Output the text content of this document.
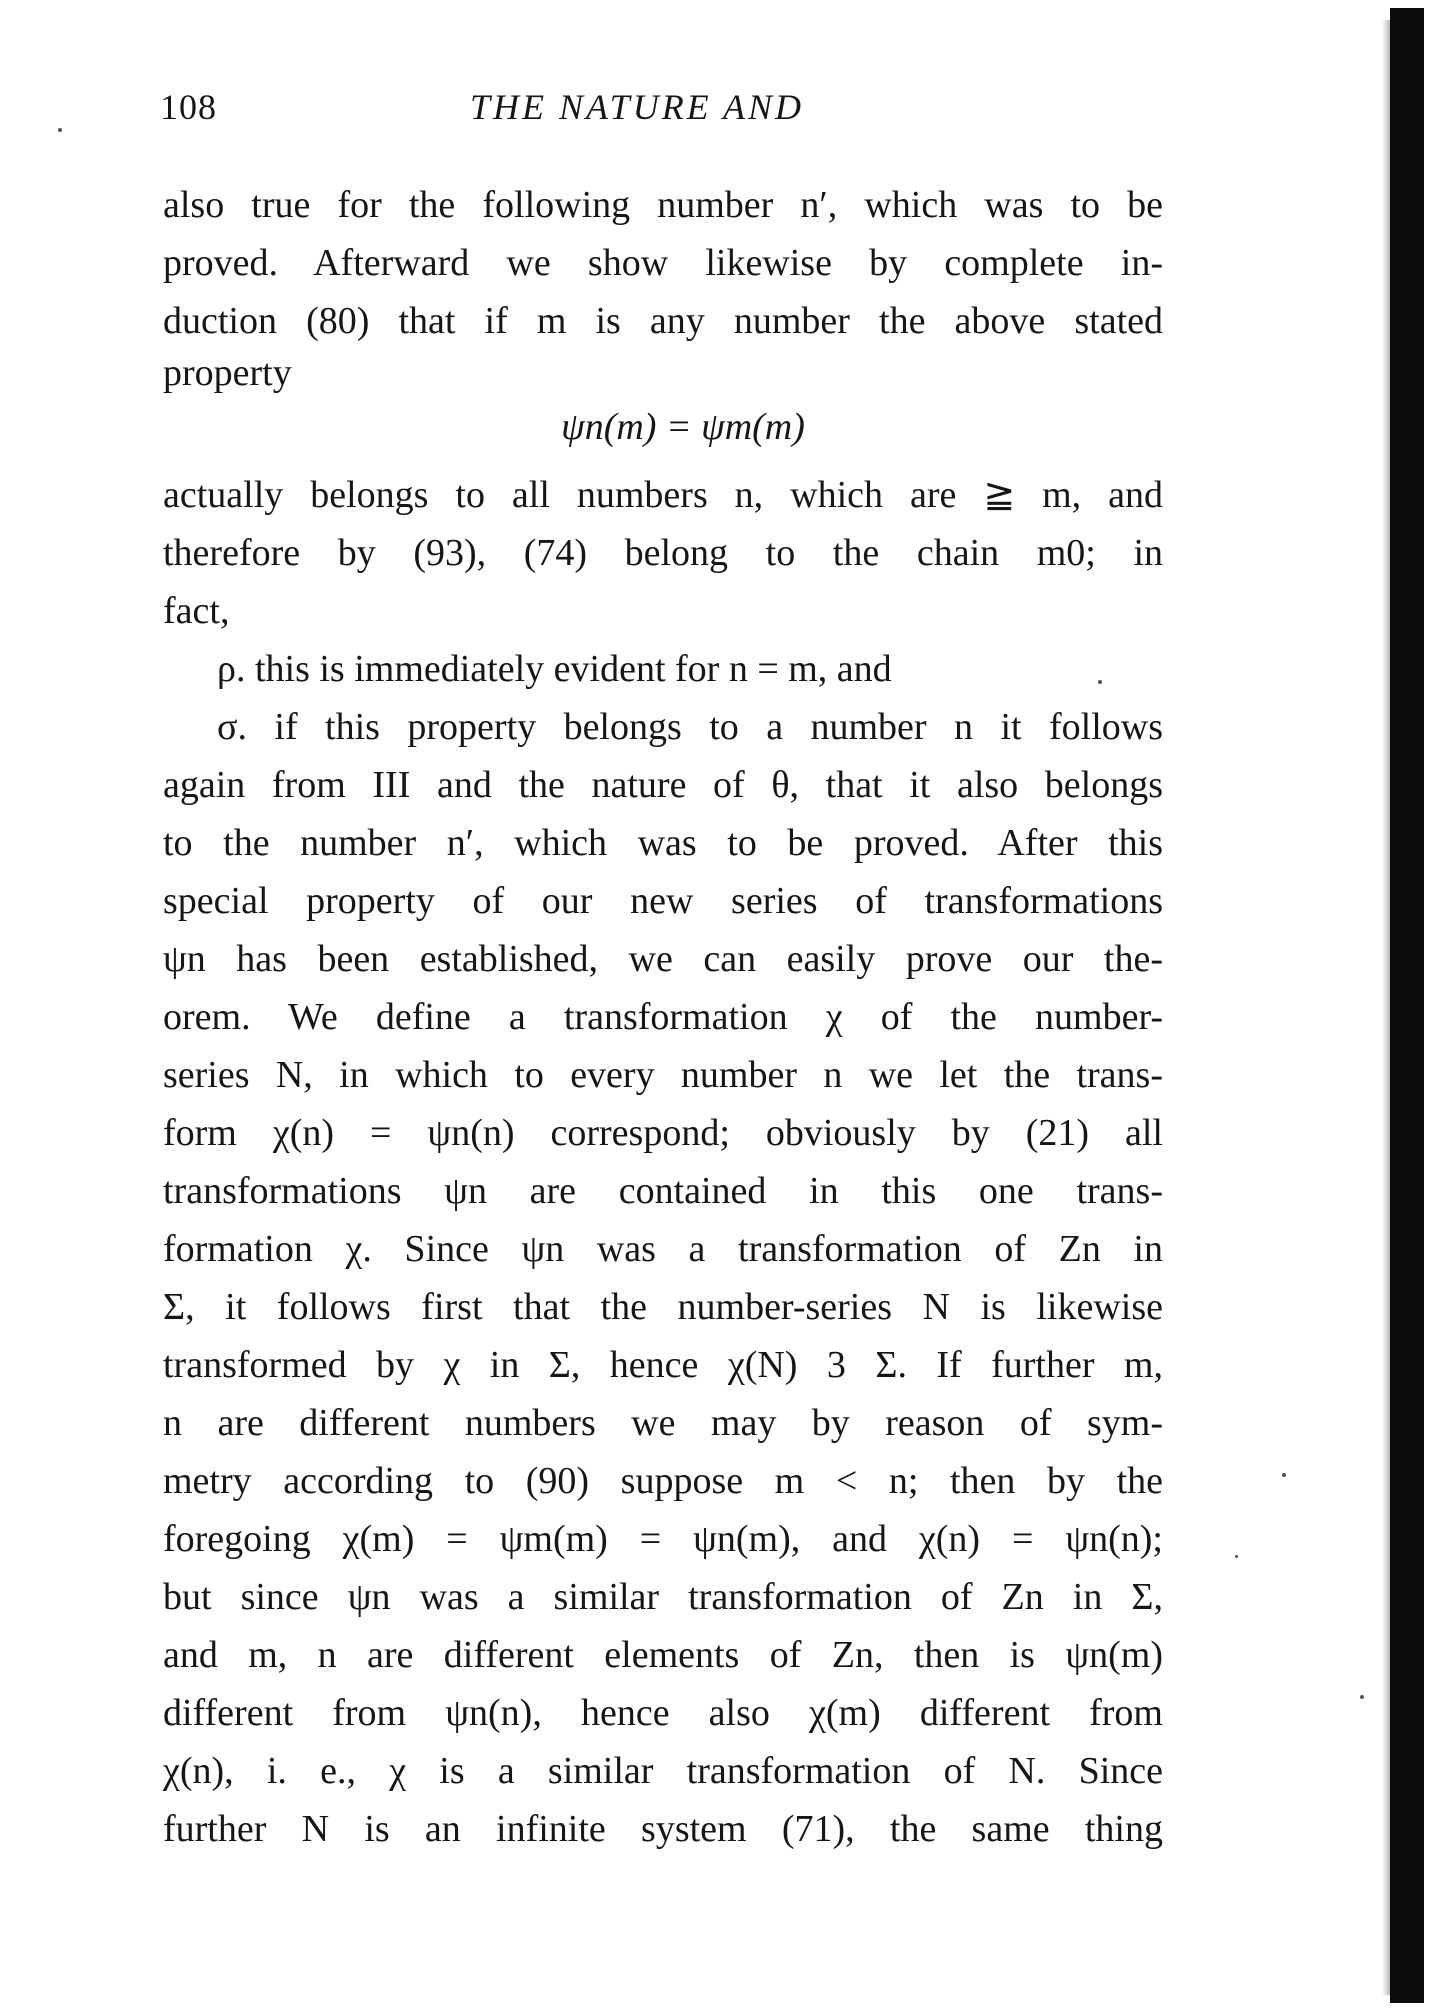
108	THE NATURE AND
also true for the following number n′, which was to be
proved. Afterward we show likewise by complete in-
duction (80) that if m is any number the above stated
property
ψn(m) = ψm(m)
actually belongs to all numbers n, which are ≧ m, and
therefore by (93), (74) belong to the chain m0; in
fact,
ρ. this is immediately evident for n = m, and
σ. if this property belongs to a number n it follows
again from III and the nature of θ, that it also belongs
to the number n′, which was to be proved. After this
special property of our new series of transformations
ψn has been established, we can easily prove our the-
orem. We define a transformation χ of the number-
series N, in which to every number n we let the trans-
form χ(n) = ψn(n) correspond; obviously by (21) all
transformations ψn are contained in this one trans-
formation χ. Since ψn was a transformation of Zn in
Σ, it follows first that the number-series N is likewise
transformed by χ in Σ, hence χ(N) 3 Σ. If further m,
n are different numbers we may by reason of sym-
metry according to (90) suppose m < n; then by the
foregoing χ(m) = ψm(m) = ψn(m), and χ(n) = ψn(n);
but since ψn was a similar transformation of Zn in Σ,
and m, n are different elements of Zn, then is ψn(m)
different from ψn(n), hence also χ(m) different from
χ(n), i. e., χ is a similar transformation of N. Since
further N is an infinite system (71), the same thing
